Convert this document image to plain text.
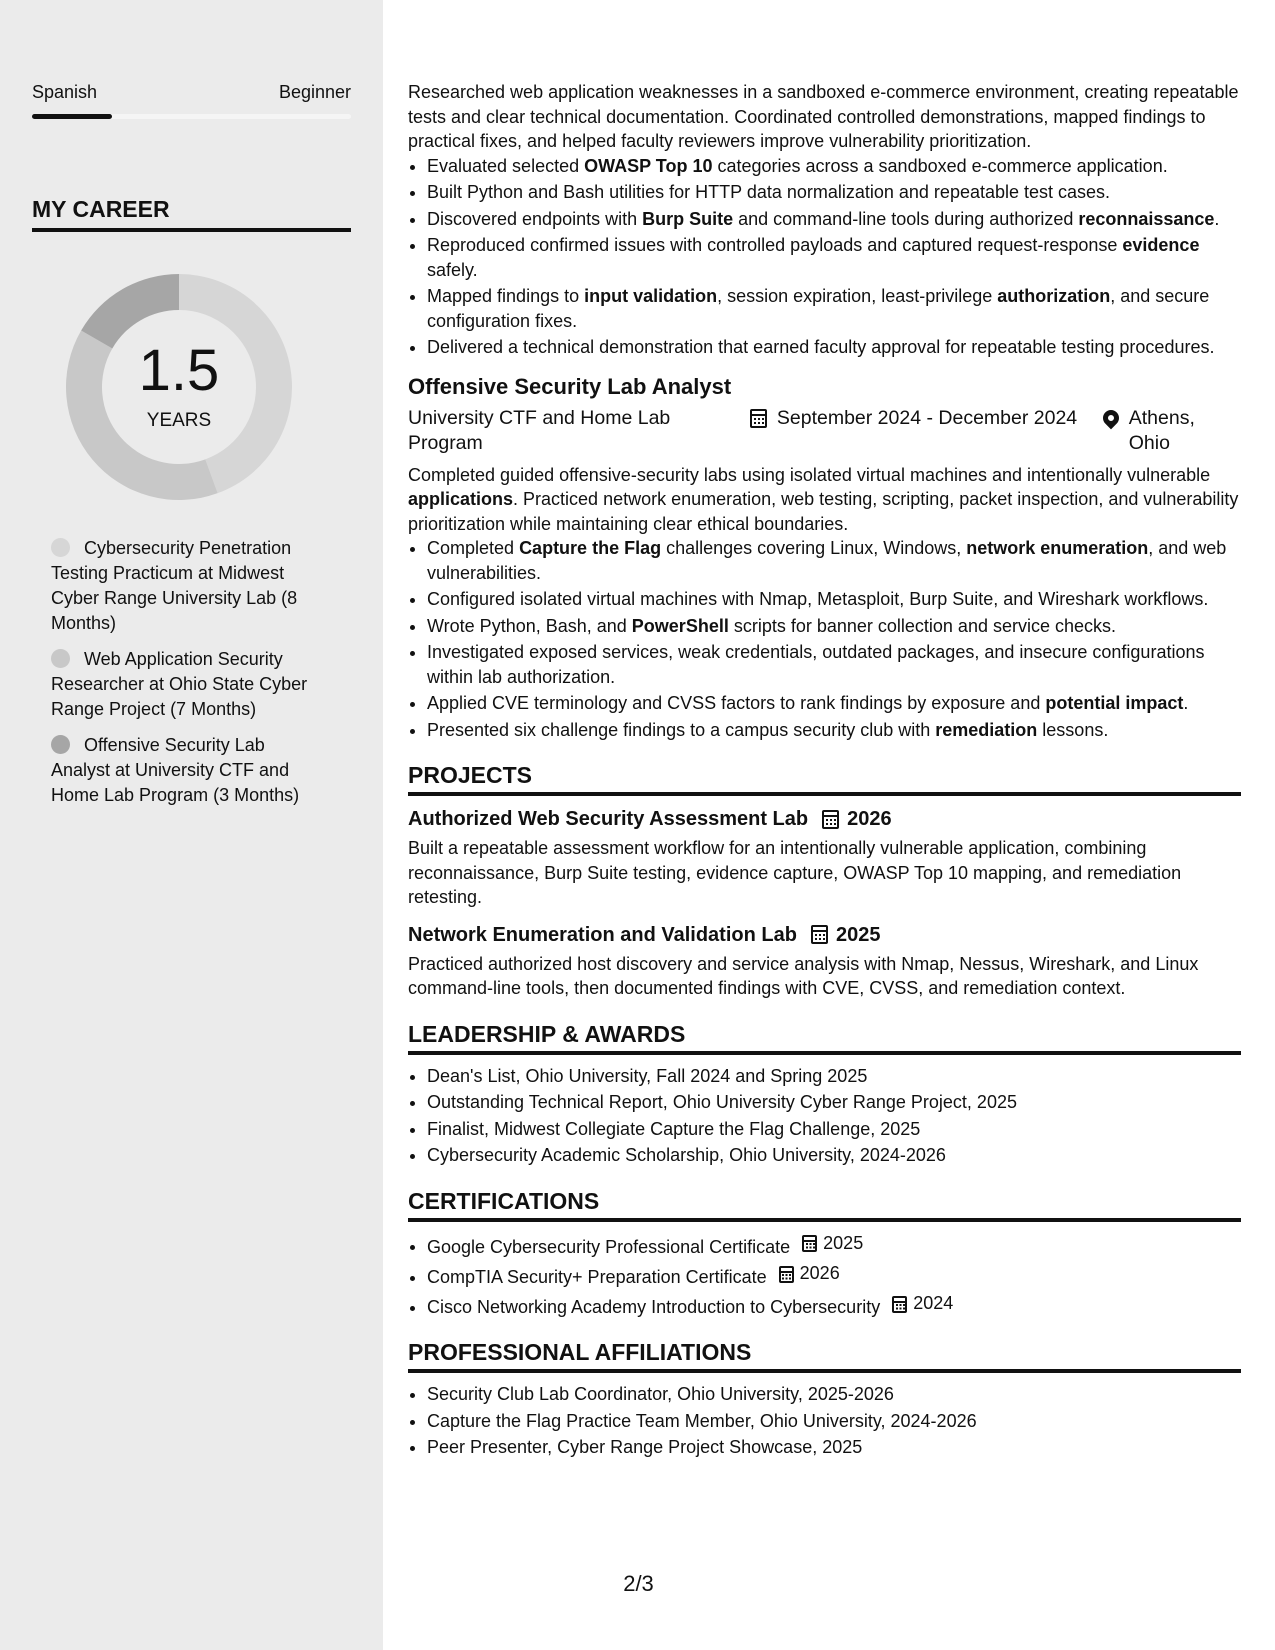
Spanish	Beginner
MY CAREER
1.5
YEARS
Cybersecurity Penetration Testing Practicum at Midwest Cyber Range University Lab (8 Months)
Web Application Security Researcher at Ohio State Cyber Range Project (7 Months)
Offensive Security Lab Analyst at University CTF and Home Lab Program (3 Months)

Researched web application weaknesses in a sandboxed e-commerce environment, creating repeatable tests and clear technical documentation. Coordinated controlled demonstrations, mapped findings to practical fixes, and helped faculty reviewers improve vulnerability prioritization.

• Evaluated selected OWASP Top 10 categories across a sandboxed e-commerce application.
• Built Python and Bash utilities for HTTP data normalization and repeatable test cases.
• Discovered endpoints with Burp Suite and command-line tools during authorized reconnaissance.
• Reproduced confirmed issues with controlled payloads and captured request-response evidence safely.
• Mapped findings to input validation, session expiration, least-privilege authorization, and secure configuration fixes.
• Delivered a technical demonstration that earned faculty approval for repeatable testing procedures.
Offensive Security Lab Analyst
University CTF and Home Lab Program
September 2024 - December 2024	Athens, Ohio

Completed guided offensive-security labs using isolated virtual machines and intentionally vulnerable applications. Practiced network enumeration, web testing, scripting, packet inspection, and vulnerability prioritization while maintaining clear ethical boundaries.

• Completed Capture the Flag challenges covering Linux, Windows, network enumeration, and web vulnerabilities.
• Configured isolated virtual machines with Nmap, Metasploit, Burp Suite, and Wireshark workflows.
• Wrote Python, Bash, and PowerShell scripts for banner collection and service checks.
• Investigated exposed services, weak credentials, outdated packages, and insecure configurations within lab authorization.
• Applied CVE terminology and CVSS factors to rank findings by exposure and potential impact.
• Presented six challenge findings to a campus security club with remediation lessons.
PROJECTS
Authorized Web Security Assessment Lab 2026

Built a repeatable assessment workflow for an intentionally vulnerable application, combining reconnaissance, Burp Suite testing, evidence capture, OWASP Top 10 mapping, and remediation retesting.

Network Enumeration and Validation Lab 2025

Practiced authorized host discovery and service analysis with Nmap, Nessus, Wireshark, and Linux command-line tools, then documented findings with CVE, CVSS, and remediation context.

LEADERSHIP & AWARDS
• Dean's List, Ohio University, Fall 2024 and Spring 2025
• Outstanding Technical Report, Ohio University Cyber Range Project, 2025
• Finalist, Midwest Collegiate Capture the Flag Challenge, 2025
• Cybersecurity Academic Scholarship, Ohio University, 2024-2026
CERTIFICATIONS
• Google Cybersecurity Professional Certificate 2025
• CompTIA Security+ Preparation Certificate 2026
• Cisco Networking Academy Introduction to Cybersecurity 2024
PROFESSIONAL AFFILIATIONS
• Security Club Lab Coordinator, Ohio University, 2025-2026
• Capture the Flag Practice Team Member, Ohio University, 2024-2026
• Peer Presenter, Cyber Range Project Showcase, 2025
2/3
